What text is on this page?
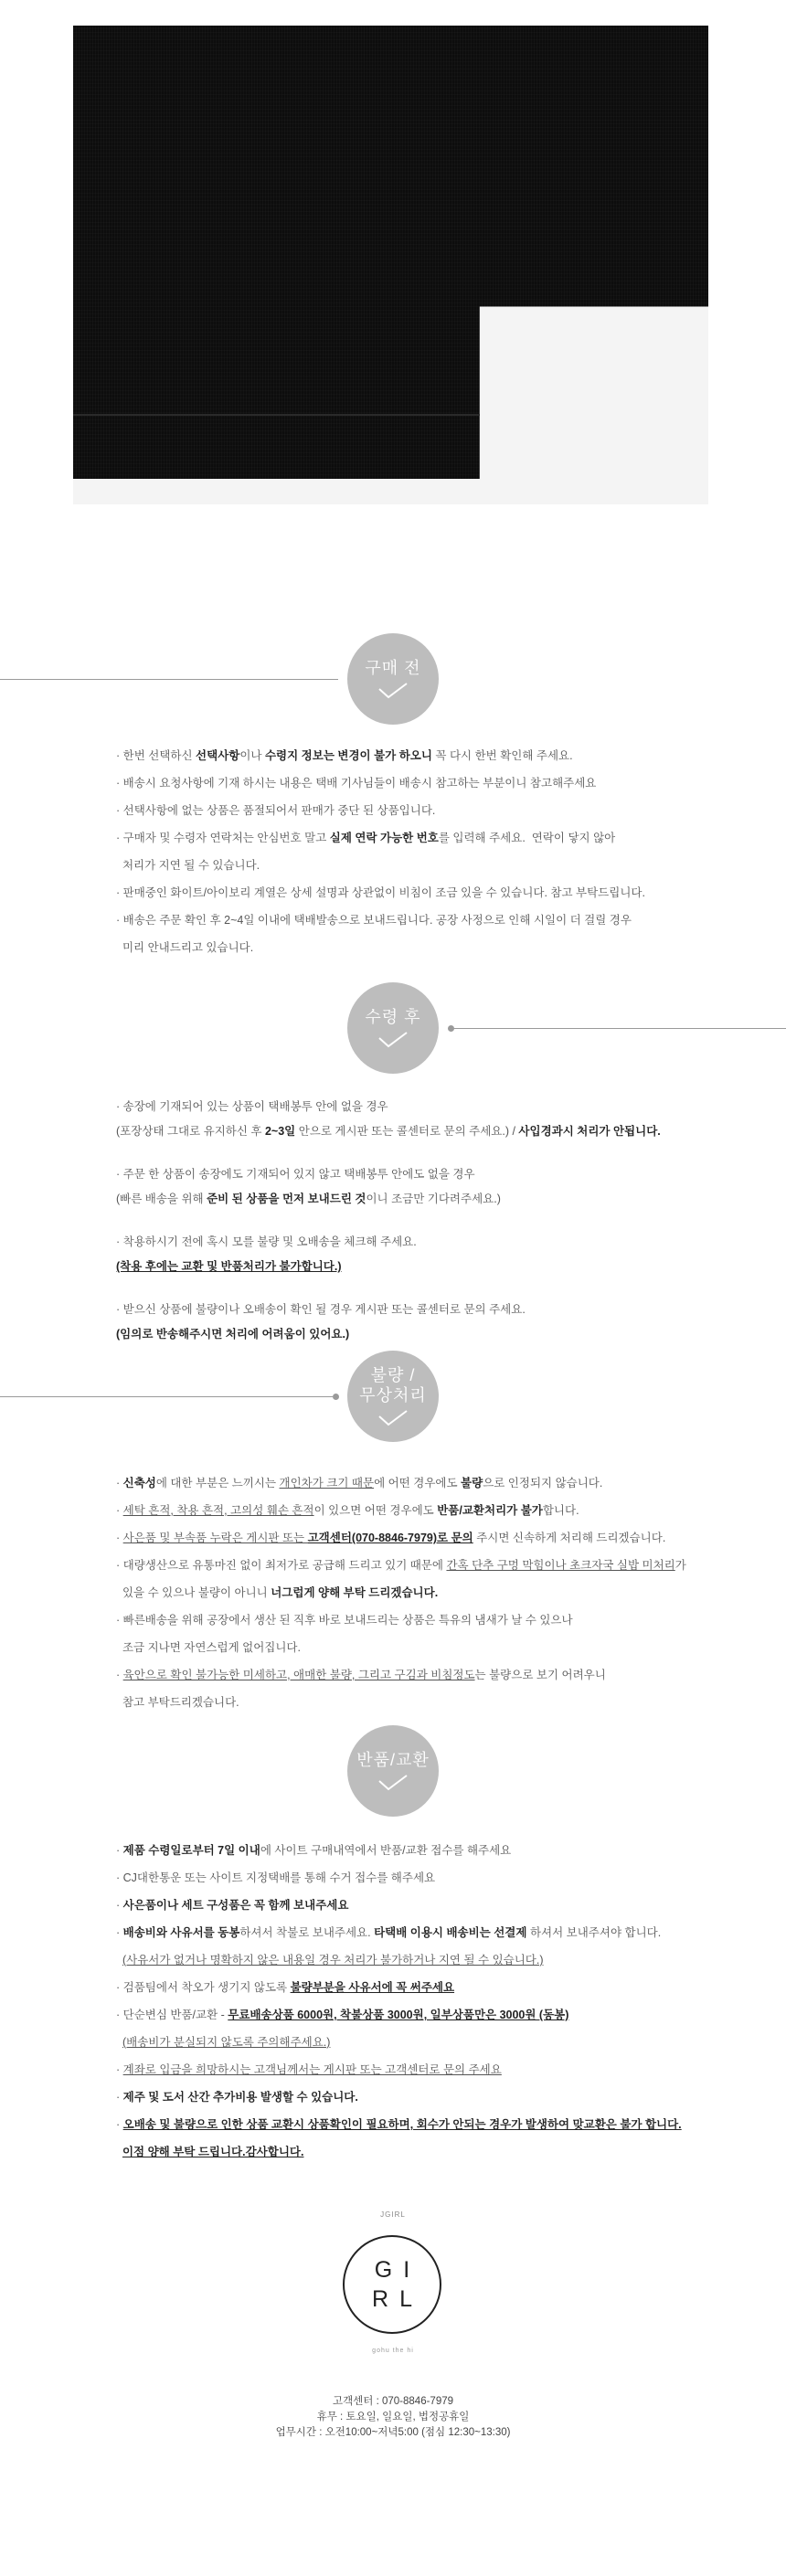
구매 전
· 한번 선택하신 선택사항이나 수령지 정보는 변경이 불가 하오니 꼭 다시 한번 확인해 주세요.
· 배송시 요청사항에 기재 하시는 내용은 택배 기사님들이 배송시 참고하는 부분이니 참고해주세요
· 선택사항에 없는 상품은 품절되어서 판매가 중단 된 상품입니다.
· 구매자 및 수령자 연락처는 안심번호 말고 실제 연락 가능한 번호를 입력해 주세요.  연락이 닿지 않아
처리가 지연 될 수 있습니다.
· 판매중인 화이트/아이보리 계열은 상세 설명과 상관없이 비침이 조금 있을 수 있습니다. 참고 부탁드립니다.
· 배송은 주문 확인 후 2~4일 이내에 택배발송으로 보내드립니다. 공장 사정으로 인해 시일이 더 걸릴 경우
미리 안내드리고 있습니다.
수령 후

· 송장에 기재되어 있는 상품이 택배봉투 안에 없을 경우
(포장상태 그대로 유지하신 후 2~3일 안으로 게시판 또는 콜센터로 문의 주세요.) / 사입경과시 처리가 안됩니다.

· 주문 한 상품이 송장에도 기재되어 있지 않고 택배봉투 안에도 없을 경우
(빠른 배송을 위해 준비 된 상품을 먼저 보내드린 것이니 조금만 기다려주세요.)

· 착용하시기 전에 혹시 모를 불량 및 오배송을 체크해 주세요.
(착용 후에는 교환 및 반품처리가 불가합니다.)

· 받으신 상품에 불량이나 오배송이 확인 될 경우 게시판 또는 콜센터로 문의 주세요.
(임의로 반송해주시면 처리에 어려움이 있어요.)

불량 /
무상처리
· 신축성에 대한 부분은 느끼시는 개인차가 크기 때문에 어떤 경우에도 불량으로 인정되지 않습니다.
· 세탁 흔적, 착용 흔적, 고의성 훼손 흔적이 있으면 어떤 경우에도 반품/교환처리가 불가합니다.
· 사은품 및 부속품 누락은 게시판 또는 고객센터(070-8846-7979)로 문의 주시면 신속하게 처리해 드리겠습니다.
· 대량생산으로 유통마진 없이 최저가로 공급해 드리고 있기 때문에 간혹 단추 구멍 막힘이나 초크자국 실밥 미처리가
있을 수 있으나 불량이 아니니 너그럽게 양해 부탁 드리겠습니다.
· 빠른배송을 위해 공장에서 생산 된 직후 바로 보내드리는 상품은 특유의 냄새가 날 수 있으나
조금 지나면 자연스럽게 없어집니다.
· 육안으로 확인 불가능한 미세하고, 애매한 불량, 그리고 구김과 비침정도는 불량으로 보기 어려우니
참고 부탁드리겠습니다.
반품/교환
· 제품 수령일로부터 7일 이내에 사이트 구매내역에서 반품/교환 접수를 해주세요
· CJ대한통운 또는 사이트 지정택배를 통해 수거 접수를 해주세요
· 사은품이나 세트 구성품은 꼭 함께 보내주세요
· 배송비와 사유서를 동봉하셔서 착불로 보내주세요. 타택배 이용시 배송비는 선결제 하셔서 보내주셔야 합니다.
(사유서가 없거나 명확하지 않은 내용일 경우 처리가 불가하거나 지연 될 수 있습니다.)
· 검품팀에서 착오가 생기지 않도록 불량부분을 사유서에 꼭 써주세요
· 단순변심 반품/교환 - 무료배송상품 6000원, 착불상품 3000원, 일부상품만은 3000원 (동봉)
(배송비가 분실되지 않도록 주의해주세요.)
· 계좌로 입금을 희망하시는 고객님께서는 게시판 또는 고객센터로 문의 주세요
· 제주 및 도서 산간 추가비용 발생할 수 있습니다.
· 오배송 및 불량으로 인한 상품 교환시 상품확인이 필요하며, 회수가 안되는 경우가 발생하여 맞교환은 불가 합니다.
이점 양해 부탁 드립니다.감사합니다.
JGIRL
GI
RL
gohu the hi
고객센터 : 070-8846-7979
휴무 : 토요일, 일요일, 법정공휴일
업무시간 : 오전10:00~저녁5:00 (점심 12:30~13:30)
